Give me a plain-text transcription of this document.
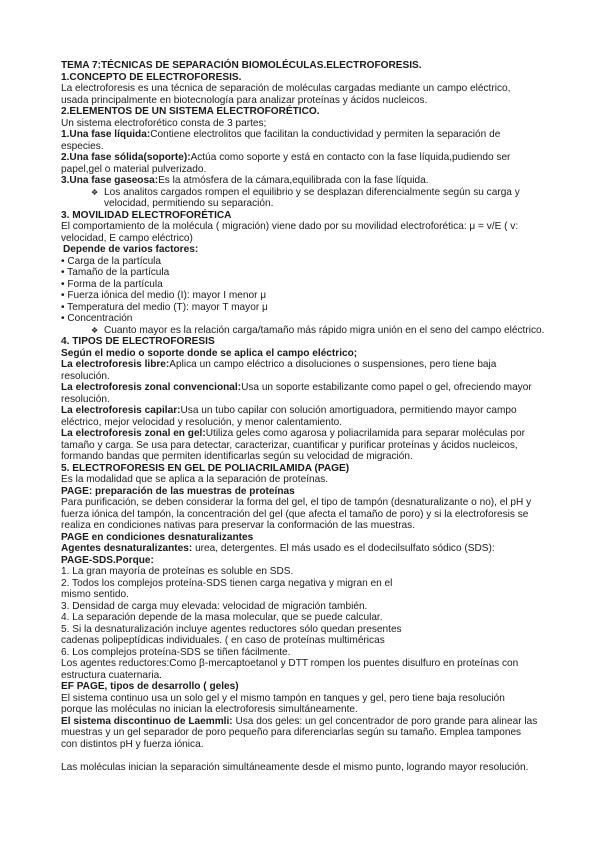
TEMA 7:TÉCNICAS DE SEPARACIÓN BIOMOLÉCULAS.ELECTROFORESIS.
1.CONCEPTO DE ELECTROFORESIS.
La electroforesis es una técnica de separación de moléculas cargadas mediante un campo eléctrico,
usada principalmente en biotecnología para analizar proteínas y ácidos nucleicos.
2.ELEMENTOS DE UN SISTEMA ELECTROFORÉTICO.
Un sistema electroforético consta de 3 partes;
1.Una fase líquida:Contiene electrolitos que facilitan la conductividad y permiten la separación de
especies.
2.Una fase sólida(soporte):Actúa como soporte y está en contacto con la fase líquida,pudiendo ser
papel,gel o material pulverizado.
3.Una fase gaseosa:Es la atmósfera de la cámara,equilibrada con la fase líquida.
❖ Los analitos cargados rompen el equilibrio y se desplazan diferencialmente según su carga y
velocidad, permitiendo su separación.
3. MOVILIDAD ELECTROFORÉTICA
El comportamiento de la molécula ( migración) viene dado por su movilidad electroforética: μ = v/E ( v:
velocidad, E campo eléctrico)
Depende de varios factores:
• Carga de la partícula
• Tamaño de la partícula
• Forma de la partícula
• Fuerza iónica del medio (I): mayor I menor μ
• Temperatura del medio (T): mayor T mayor μ
• Concentración
❖ Cuanto mayor es la relación carga/tamaño más rápido migra unión en el seno del campo eléctrico.
4. TIPOS DE ELECTROFORESIS
Según el medio o soporte donde se aplica el campo eléctrico;
La electroforesis libre:Aplica un campo eléctrico a disoluciones o suspensiones, pero tiene baja
resolución.
La electroforesis zonal convencional:Usa un soporte estabilizante como papel o gel, ofreciendo mayor
resolución.
La electroforesis capilar:Usa un tubo capilar con solución amortiguadora, permitiendo mayor campo
eléctrico, mejor velocidad y resolución, y menor calentamiento.
La electroforesis zonal en gel:Utiliza geles como agarosa y poliacrilamida para separar moléculas por
tamaño y carga. Se usa para detectar, caracterizar, cuantificar y purificar proteínas y ácidos nucleicos,
formando bandas que permiten identificarlas según su velocidad de migración.
5. ELECTROFORESIS EN GEL DE POLIACRILAMIDA (PAGE)
Es la modalidad que se aplica a la separación de proteínas.
PAGE: preparación de las muestras de proteínas
Para purificación, se deben considerar la forma del gel, el tipo de tampón (desnaturalizante o no), el pH y
fuerza iónica del tampón, la concentración del gel (que afecta el tamaño de poro) y si la electroforesis se
realiza en condiciones nativas para preservar la conformación de las muestras.
PAGE en condiciones desnaturalizantes
Agentes desnaturalizantes: urea, detergentes. El más usado es el dodecilsulfato sódico (SDS):
PAGE-SDS.Porque:
1. La gran mayoría de proteínas es soluble en SDS.
2. Todos los complejos proteína-SDS tienen carga negativa y migran en el
mismo sentido.
3. Densidad de carga muy elevada: velocidad de migración también.
4. La separación depende de la masa molecular, que se puede calcular.
5. Si la desnaturalización incluye agentes reductores sólo quedan presentes
cadenas polipeptídicas individuales. ( en caso de proteínas multiméricas
6. Los complejos proteína-SDS se tiñen fácilmente.
Los agentes reductores:Como β-mercaptoetanol y DTT rompen los puentes disulfuro en proteínas con
estructura cuaternaria.
EF PAGE, tipos de desarrollo ( geles)
El sistema continuo usa un solo gel y el mismo tampón en tanques y gel, pero tiene baja resolución
porque las moléculas no inician la electroforesis simultáneamente.
El sistema discontinuo de Laemmli: Usa dos geles: un gel concentrador de poro grande para alinear las
muestras y un gel separador de poro pequeño para diferenciarlas según su tamaño. Emplea tampones
con distintos pH y fuerza iónica.
Las moléculas inician la separación simultáneamente desde el mismo punto, logrando mayor resolución.
